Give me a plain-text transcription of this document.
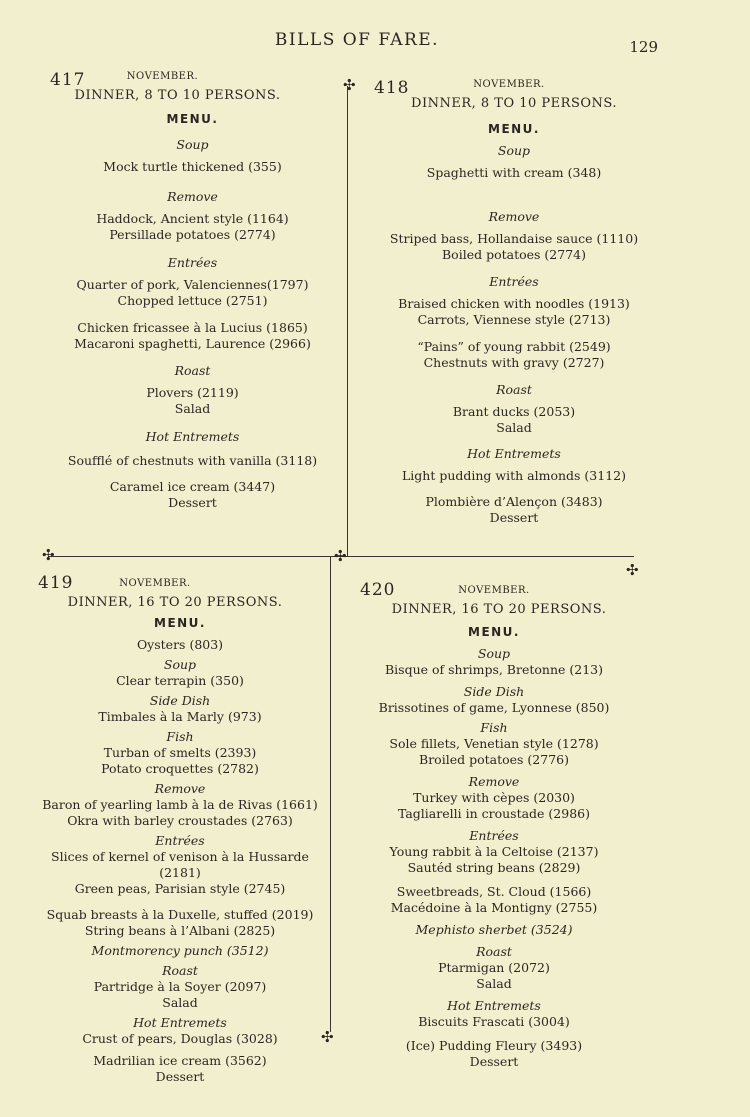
BILLS OF FARE.	129
✣
✣	✣
✣
✣
417	NOVEMBER.
DINNER, 8 TO 10 PERSONS.
MENU.
Soup
Mock turtle thickened (355)
Remove
Haddock, Ancient style (1164)
Persillade potatoes (2774)
Entrées
Quarter of pork, Valenciennes(1797)
Chopped lettuce (2751)
Chicken fricassee à la Lucius (1865)
Macaroni spaghetti, Laurence (2966)
Roast
Plovers (2119)
Salad
Hot Entremets
Soufflé of chestnuts with vanilla (3118)
Caramel ice cream (3447)
Dessert
418	NOVEMBER.
DINNER, 8 TO 10 PERSONS.
MENU.
Soup
Spaghetti with cream (348)
Remove
Striped bass, Hollandaise sauce (1110)
Boiled potatoes (2774)
Entrées
Braised chicken with noodles (1913)
Carrots, Viennese style (2713)
“Pains” of young rabbit (2549)
Chestnuts with gravy (2727)
Roast
Brant ducks (2053)
Salad
Hot Entremets
Light pudding with almonds (3112)
Plombière d’Alençon (3483)
Dessert
419	NOVEMBER.
DINNER, 16 TO 20 PERSONS.
MENU.
Oysters (803)
Soup
Clear terrapin (350)
Side Dish
Timbales à la Marly (973)
Fish
Turban of smelts (2393)
Potato croquettes (2782)
Remove
Baron of yearling lamb à la de Rivas (1661)
Okra with barley croustades (2763)
Entrées
Slices of kernel of venison à la Hussarde (2181)
Green peas, Parisian style (2745)
Squab breasts à la Duxelle, stuffed (2019)
String beans à l’Albani (2825)
Montmorency punch (3512)
Roast
Partridge à la Soyer (2097)
Salad
Hot Entremets
Crust of pears, Douglas (3028)
Madrilian ice cream (3562)
Dessert
420	NOVEMBER.
DINNER, 16 TO 20 PERSONS.
MENU.
Soup
Bisque of shrimps, Bretonne (213)
Side Dish
Brissotines of game, Lyonnese (850)
Fish
Sole fillets, Venetian style (1278)
Broiled potatoes (2776)
Remove
Turkey with cèpes (2030)
Tagliarelli in croustade (2986)
Entrées
Young rabbit à la Celtoise (2137)
Sautéd string beans (2829)
Sweetbreads, St. Cloud (1566)
Macédoine à la Montigny (2755)
Mephisto sherbet (3524)
Roast
Ptarmigan (2072)
Salad
Hot Entremets
Biscuits Frascati (3004)
(Ice) Pudding Fleury (3493)
Dessert
